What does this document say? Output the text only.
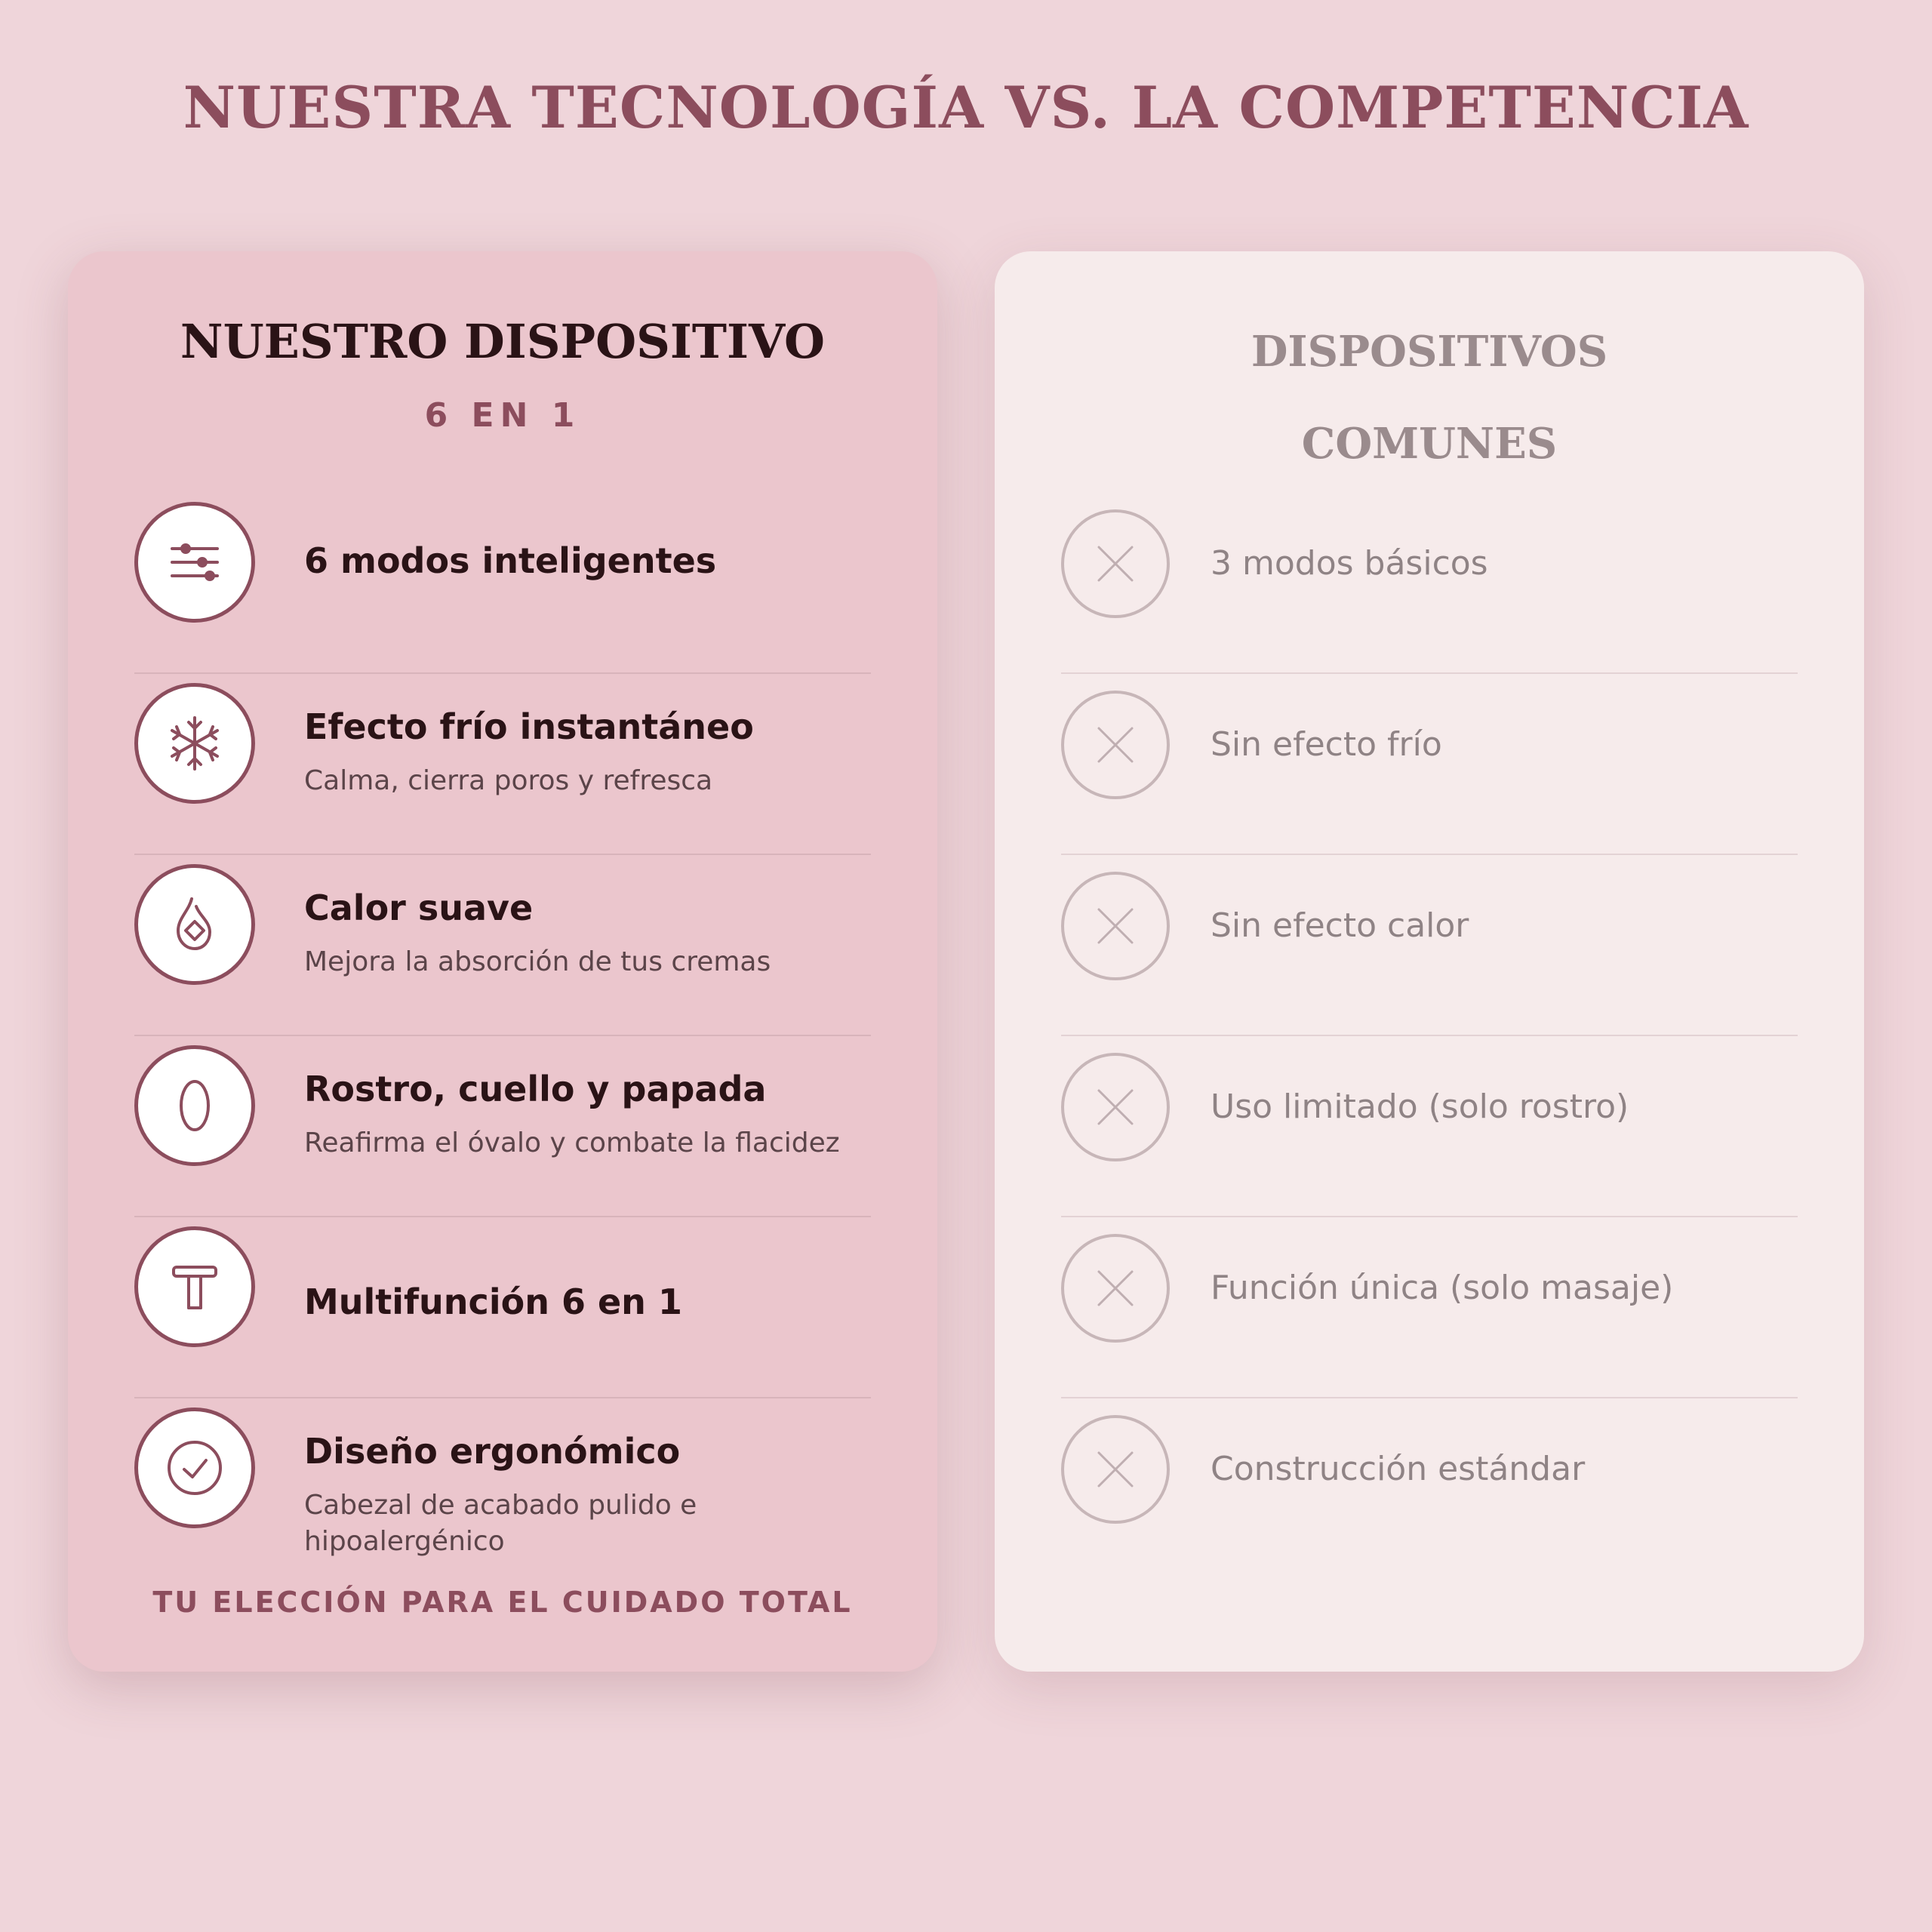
NUESTRA TECNOLOGÍA VS. LA COMPETENCIA
NUESTRO DISPOSITIVO
6 EN 1
6 modos inteligentes
Efecto frío instantáneo
Calma, cierra poros y refresca
Calor suave
Mejora la absorción de tus cremas
Rostro, cuello y papada
Reafirma el óvalo y combate la flacidez
Multifunción 6 en 1
Diseño ergonómico
Cabezal de acabado pulido e hipoalergénico
TU ELECCIÓN PARA EL CUIDADO TOTAL
DISPOSITIVOS
COMUNES
3 modos básicos
Sin efecto frío
Sin efecto calor
Uso limitado (solo rostro)
Función única (solo masaje)
Construcción estándar
